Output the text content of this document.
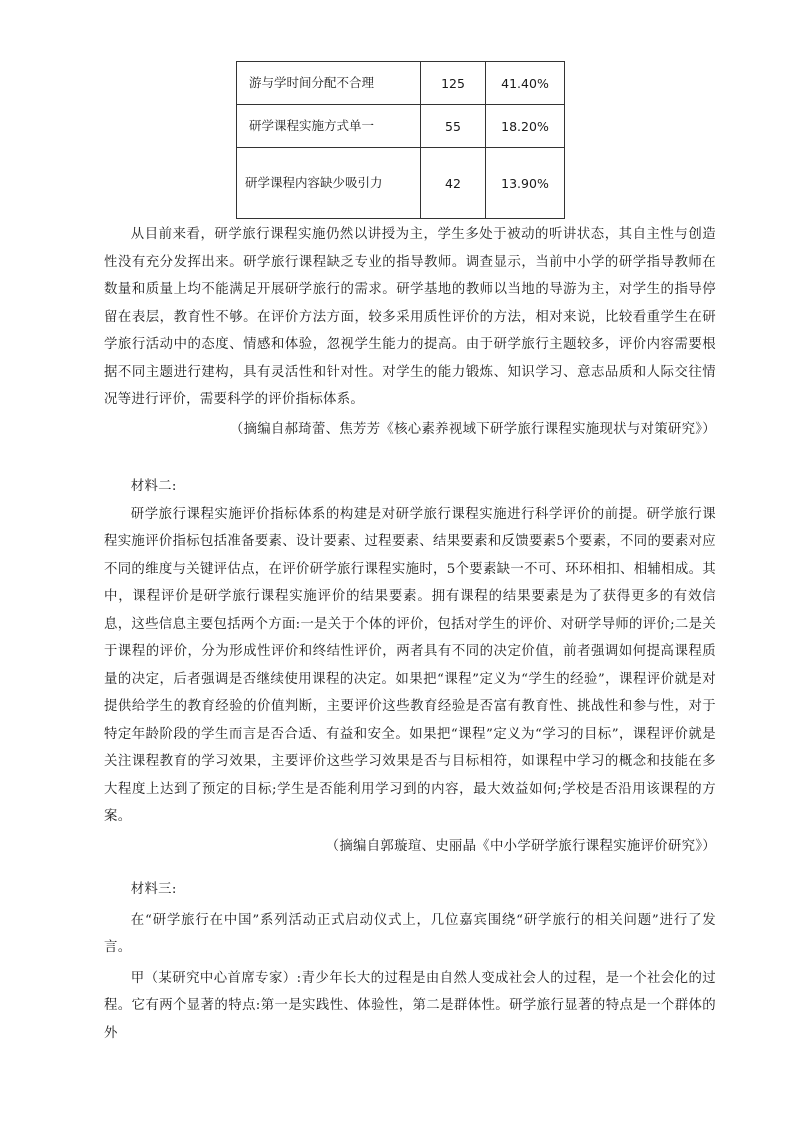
游与学时间分配不合理	125	41.40%
研学课程实施方式单一	55	18.20%
研学课程内容缺少吸引力	42	13.90%

从目前来看，研学旅行课程实施仍然以讲授为主，学生多处于被动的听讲状态，其自主性与创造性没有充分发挥出来。研学旅行课程缺乏专业的指导教师。调查显示，当前中小学的研学指导教师在数量和质量上均不能满足开展研学旅行的需求。研学基地的教师以当地的导游为主，对学生的指导停留在表层，教育性不够。在评价方法方面，较多采用质性评价的方法，相对来说，比较看重学生在研学旅行活动中的态度、情感和体验，忽视学生能力的提高。由于研学旅行主题较多，评价内容需要根据不同主题进行建构，具有灵活性和针对性。对学生的能力锻炼、知识学习、意志品质和人际交往情况等进行评价，需要科学的评价指标体系。

（摘编自郝琦蕾、焦芳芳《核心素养视域下研学旅行课程实施现状与对策研究》）

材料二:

研学旅行课程实施评价指标体系的构建是对研学旅行课程实施进行科学评价的前提。研学旅行课程实施评价指标包括准备要素、设计要素、过程要素、结果要素和反馈要素5个要素，不同的要素对应不同的维度与关键评估点，在评价研学旅行课程实施时，5个要素缺一不可、环环相扣、相辅相成。其中，课程评价是研学旅行课程实施评价的结果要素。拥有课程的结果要素是为了获得更多的有效信息，这些信息主要包括两个方面:一是关于个体的评价，包括对学生的评价、对研学导师的评价;二是关于课程的评价，分为形成性评价和终结性评价，两者具有不同的决定价值，前者强调如何提高课程质量的决定，后者强调是否继续使用课程的决定。如果把“课程”定义为“学生的经验”，课程评价就是对提供给学生的教育经验的价值判断，主要评价这些教育经验是否富有教育性、挑战性和参与性，对于特定年龄阶段的学生而言是否合适、有益和安全。如果把“课程”定义为“学习的目标”，课程评价就是关注课程教育的学习效果，主要评价这些学习效果是否与目标相符，如课程中学习的概念和技能在多大程度上达到了预定的目标;学生是否能利用学习到的内容，最大效益如何;学校是否沿用该课程的方案。

（摘编自郭璇瑄、史丽晶《中小学研学旅行课程实施评价研究》）

材料三:

在“研学旅行在中国”系列活动正式启动仪式上，几位嘉宾围绕“研学旅行的相关问题”进行了发言。

甲（某研究中心首席专家）:青少年长大的过程是由自然人变成社会人的过程，是一个社会化的过程。它有两个显著的特点:第一是实践性、体验性，第二是群体性。研学旅行显著的特点是一个群体的外
